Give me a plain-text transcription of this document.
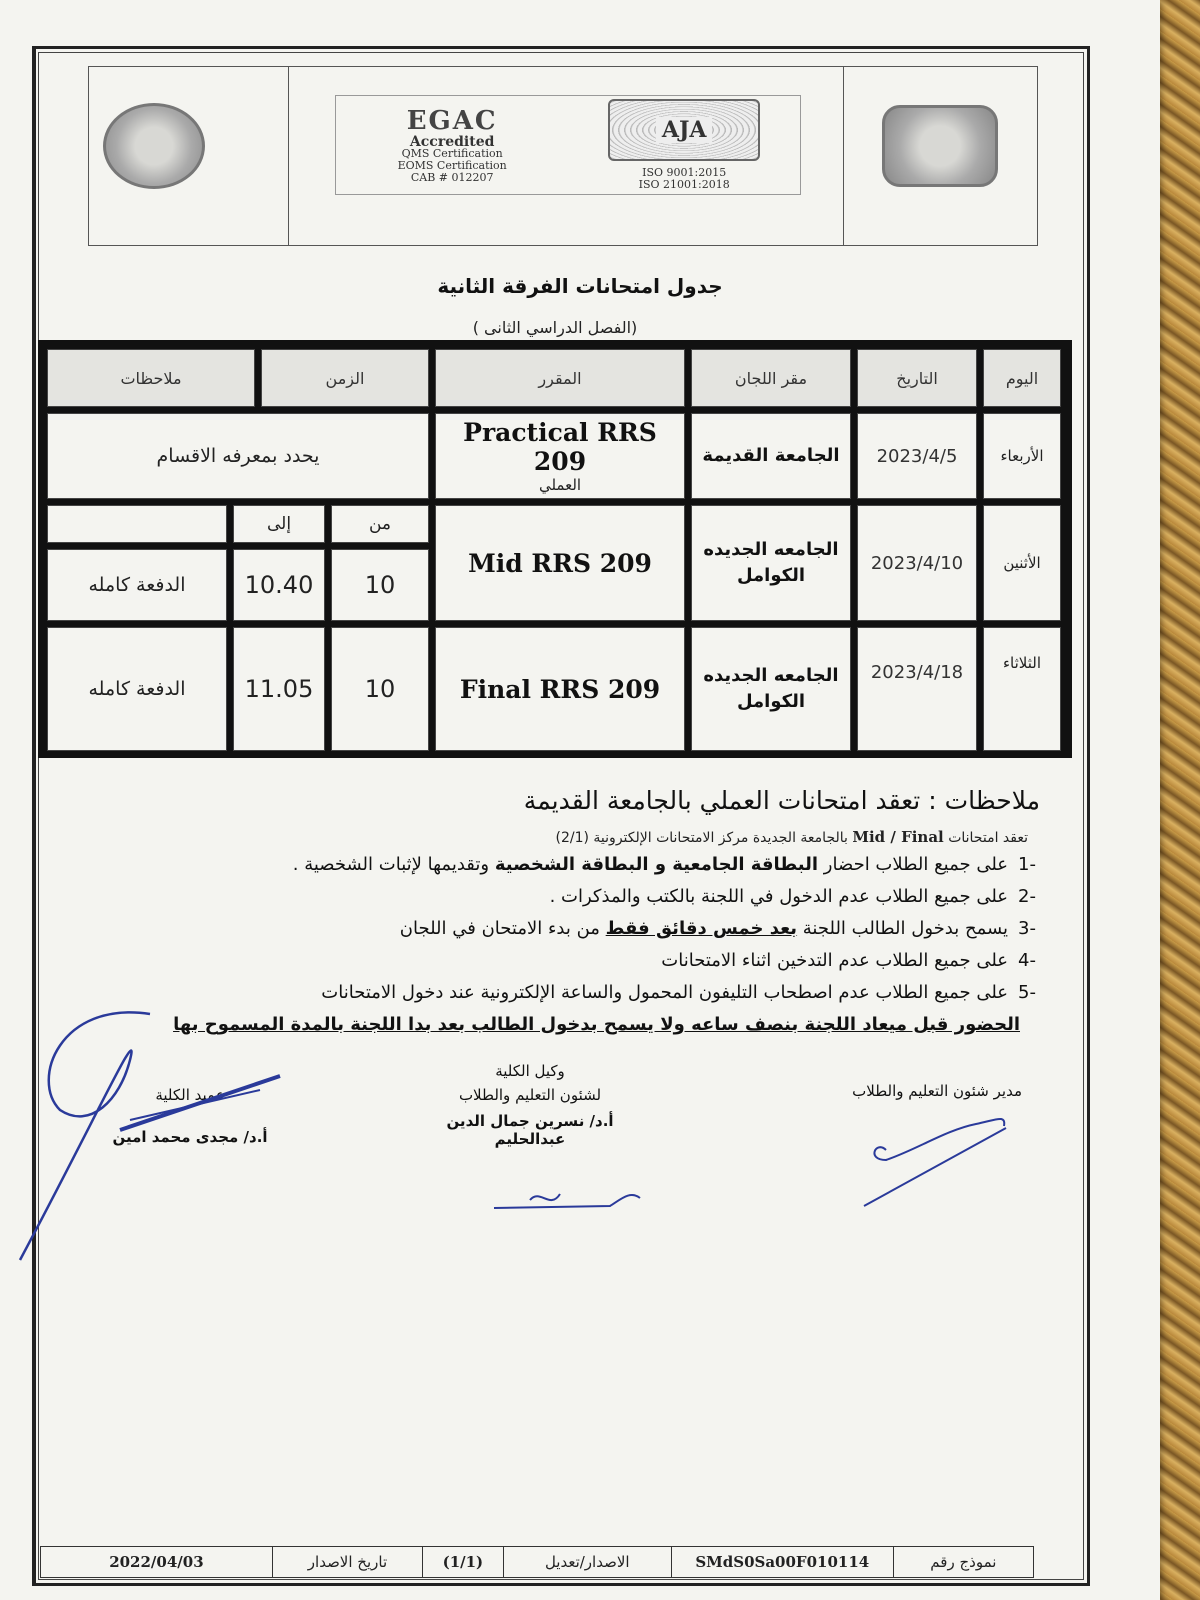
EGAC
Accredited
QMS Certification
EOMS Certification
CAB # 012207
AJA
ISO 9001:2015
ISO 21001:2018
جدول امتحانات الفرقة الثانية
(الفصل الدراسي الثانى )
اليوم
التاريخ
مقر اللجان
المقرر
الزمن
ملاحظات
الأربعاء
2023/4/5
الجامعة القديمة
Practical RRS 209
العملي
يحدد بمعرفه الاقسام
الأثنين
2023/4/10
الجامعه الجديده الكوامل
Mid RRS 209
من
إلى
10
10.40
الدفعة كامله
الثلاثاء
2023/4/18
الجامعه الجديده الكوامل
Final RRS 209
10
11.05
الدفعة كامله
ملاحظات : تعقد امتحانات العملي بالجامعة القديمة
تعقد امتحانات Mid / Final بالجامعة الجديدة مركز الامتحانات الإلكترونية (2/1)
-1على جميع الطلاب احضار البطاقة الجامعية و البطاقة الشخصية وتقديمها لإثبات الشخصية .
-2على جميع الطلاب عدم الدخول في اللجنة بالكتب والمذكرات .
-3يسمح بدخول الطالب اللجنة بعد خمس دقائق فقط من بدء الامتحان في اللجان
-4على جميع الطلاب عدم التدخين اثناء الامتحانات
-5على جميع الطلاب عدم اصطحاب التليفون المحمول والساعة الإلكترونية عند دخول الامتحانات
الحضور قبل ميعاد اللجنة بنصف ساعه ولا يسمح بدخول الطالب بعد بدا اللجنة بالمدة المسموح بها
مدير شئون التعليم والطلاب
وكيل الكلية
لشئون التعليم والطلاب
أ.د/ نسرين جمال الدين عبدالحليم
عميد الكلية
أ.د/ مجدى محمد امين
نموذج رقم
SMdS0Sa00F010114
الاصدار/تعديل
(1/1)
تاريخ الاصدار
2022/04/03
